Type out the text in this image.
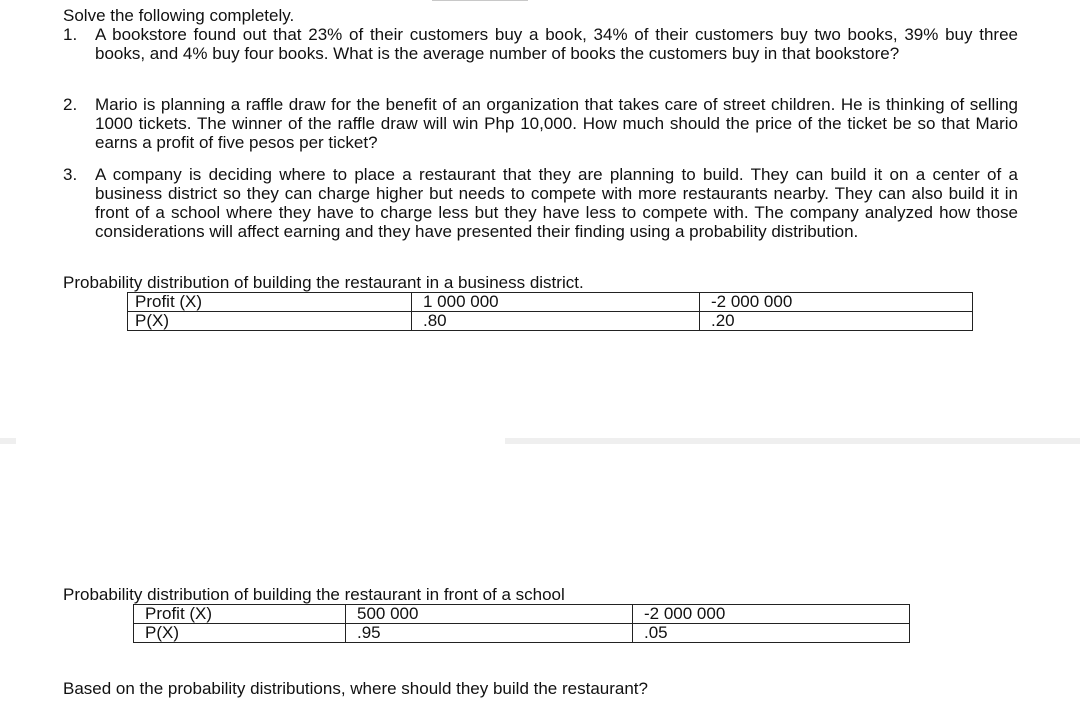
Solve the following completely.
1. A bookstore found out that 23% of their customers buy a book, 34% of their customers buy two books, 39% buy three books, and 4% buy four books. What is the average number of books the customers buy in that bookstore?
2. Mario is planning a raffle draw for the benefit of an organization that takes care of street children. He is thinking of selling 1000 tickets. The winner of the raffle draw will win Php 10,000. How much should the price of the ticket be so that Mario earns a profit of five pesos per ticket?
3. A company is deciding where to place a restaurant that they are planning to build. They can build it on a center of a business district so they can charge higher but needs to compete with more restaurants nearby. They can also build it in front of a school where they have to charge less but they have less to compete with. The company analyzed how those considerations will affect earning and they have presented their finding using a probability distribution.
Probability distribution of building the restaurant in a business district.
Profit (X)	1 000 000	-2 000 000
P(X)	.80	.20
Probability distribution of building the restaurant in front of a school
Profit (X)	500 000	-2 000 000
P(X)	.95	.05
Based on the probability distributions, where should they build the restaurant?
